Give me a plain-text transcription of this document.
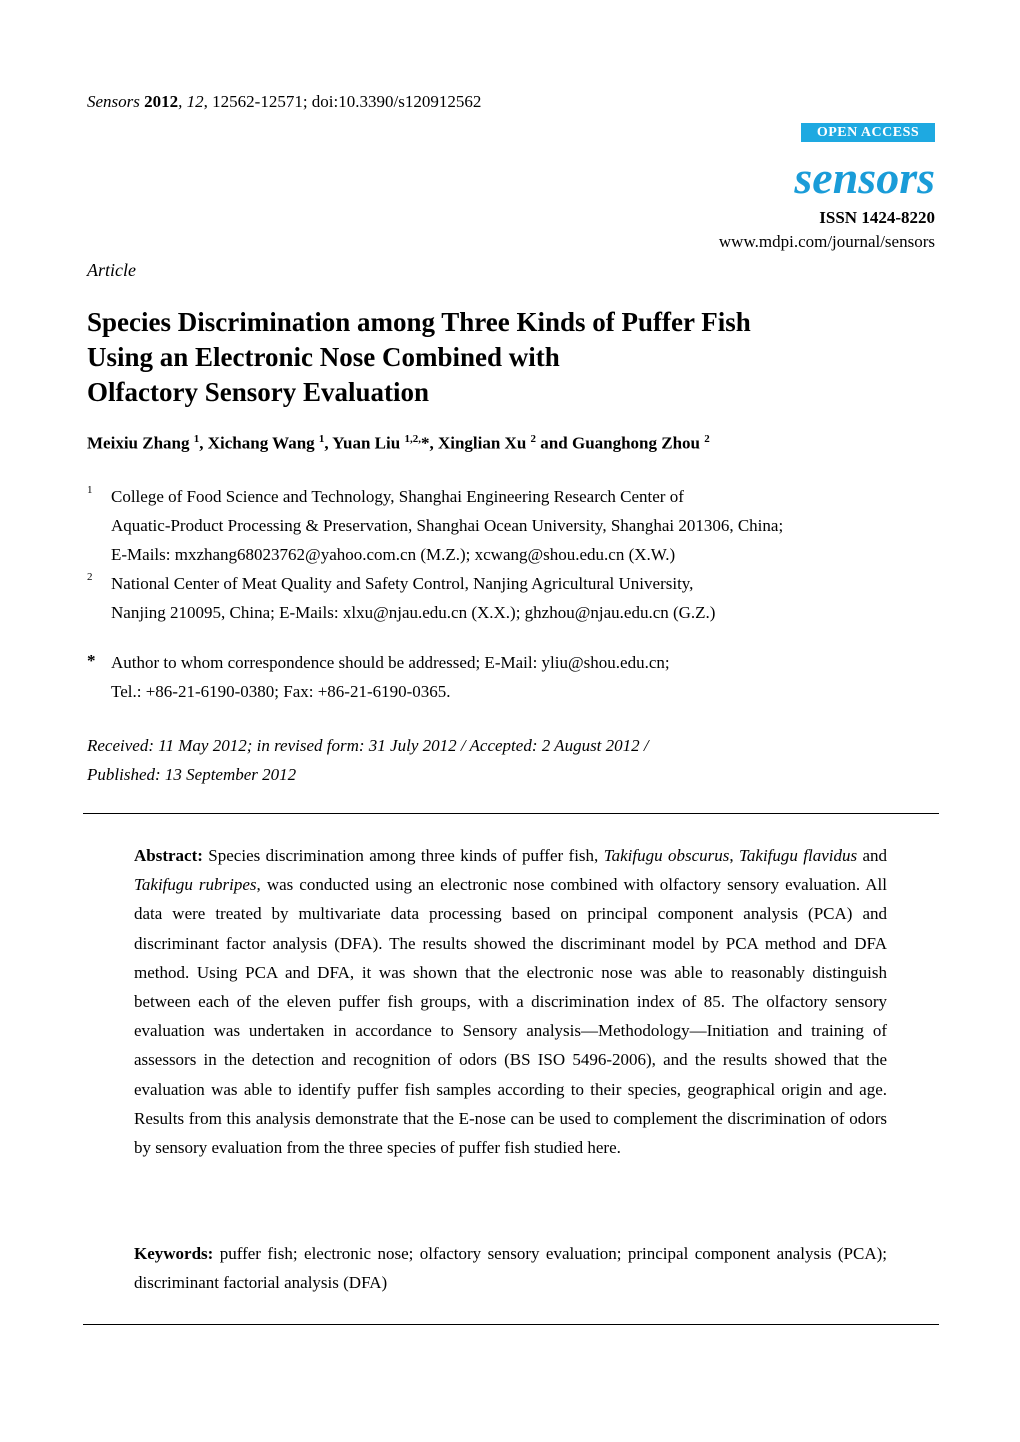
Sensors 2012, 12, 12562-12571; doi:10.3390/s120912562
OPEN ACCESS
sensors
ISSN 1424-8220
www.mdpi.com/journal/sensors
Article
Species Discrimination among Three Kinds of Puffer Fish
Using an Electronic Nose Combined with
Olfactory Sensory Evaluation
Meixiu Zhang $^1$, Xichang Wang $^1$, Yuan Liu $^{1,2,}$*, Xinglian Xu $^2$ and Guanghong Zhou $^2$
1 College of Food Science and Technology, Shanghai Engineering Research Center of
Aquatic-Product Processing & Preservation, Shanghai Ocean University, Shanghai 201306, China;
E-Mails: mxzhang68023762@yahoo.com.cn (M.Z.); xcwang@shou.edu.cn (X.W.)
2 National Center of Meat Quality and Safety Control, Nanjing Agricultural University,
Nanjing 210095, China; E-Mails: xlxu@njau.edu.cn (X.X.); ghzhou@njau.edu.cn (G.Z.)
* Author to whom correspondence should be addressed; E-Mail: yliu@shou.edu.cn;
Tel.: +86-21-6190-0380; Fax: +86-21-6190-0365.
Received: 11 May 2012; in revised form: 31 July 2012 / Accepted: 2 August 2012 /
Published: 13 September 2012
Abstract: Species discrimination among three kinds of puffer fish, Takifugu obscurus, Takifugu flavidus and Takifugu rubripes, was conducted using an electronic nose combined with olfactory sensory evaluation. All data were treated by multivariate data processing based on principal component analysis (PCA) and discriminant factor analysis (DFA). The results showed the discriminant model by PCA method and DFA method. Using PCA and DFA, it was shown that the electronic nose was able to reasonably distinguish between each of the eleven puffer fish groups, with a discrimination index of 85. The olfactory sensory evaluation was undertaken in accordance to Sensory analysis—Methodology—Initiation and training of assessors in the detection and recognition of odors (BS ISO 5496-2006), and the results showed that the evaluation was able to identify puffer fish samples according to their species, geographical origin and age. Results from this analysis demonstrate that the E-nose can be used to complement the discrimination of odors by sensory evaluation from the three species of puffer fish studied here.
Keywords: puffer fish; electronic nose; olfactory sensory evaluation; principal component analysis (PCA); discriminant factorial analysis (DFA)
